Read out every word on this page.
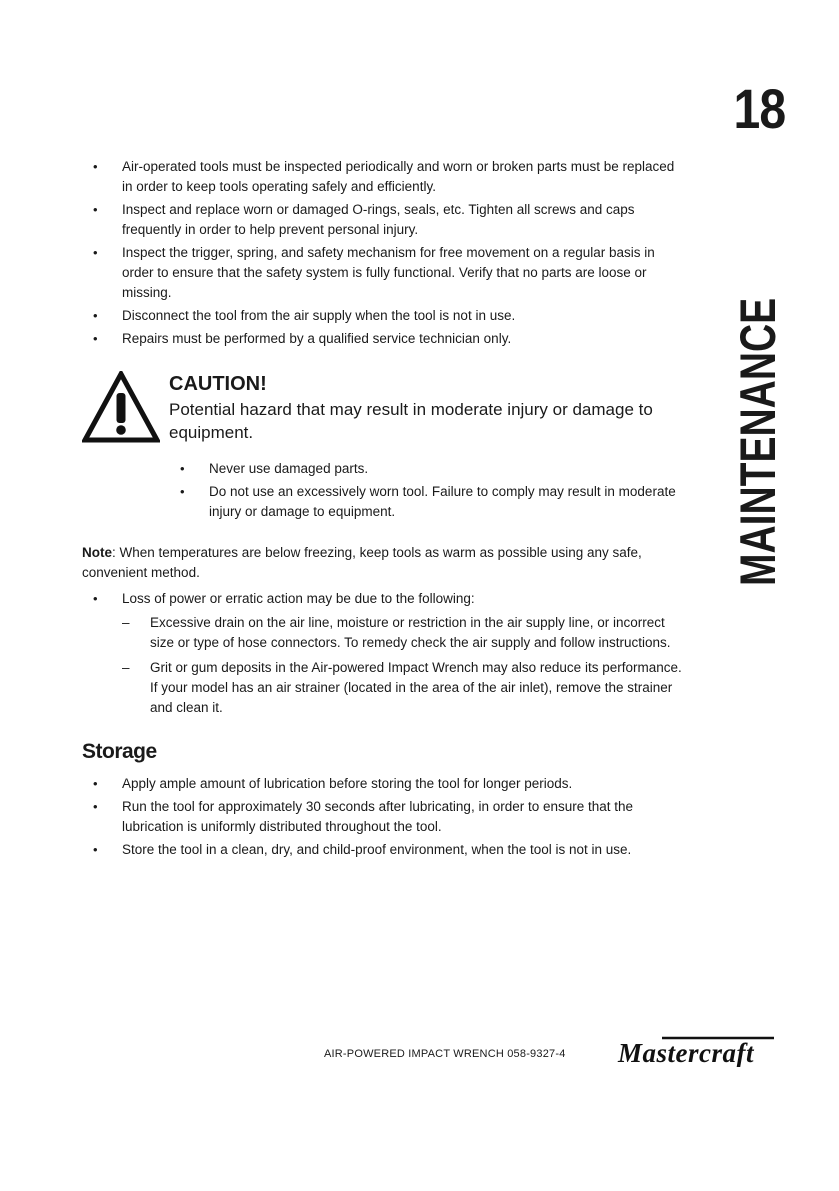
18
MAINTENANCE
• Air-operated tools must be inspected periodically and worn or broken parts must be replaced in order to keep tools operating safely and efficiently.
• Inspect and replace worn or damaged O-rings, seals, etc. Tighten all screws and caps frequently in order to help prevent personal injury.
• Inspect the trigger, spring, and safety mechanism for free movement on a regular basis in order to ensure that the safety system is fully functional. Verify that no parts are loose or missing.
• Disconnect the tool from the air supply when the tool is not in use.
• Repairs must be performed by a qualified service technician only.
CAUTION!
Potential hazard that may result in moderate injury or damage to equipment.
• Never use damaged parts.
• Do not use an excessively worn tool. Failure to comply may result in moderate injury or damage to equipment.
Note: When temperatures are below freezing, keep tools as warm as possible using any safe, convenient method.
• Loss of power or erratic action may be due to the following:
– Excessive drain on the air line, moisture or restriction in the air supply line, or incorrect size or type of hose connectors. To remedy check the air supply and follow instructions.
– Grit or gum deposits in the Air-powered Impact Wrench may also reduce its performance. If your model has an air strainer (located in the area of the air inlet), remove the strainer and clean it.
Storage
• Apply ample amount of lubrication before storing the tool for longer periods.
• Run the tool for approximately 30 seconds after lubricating, in order to ensure that the lubrication is uniformly distributed throughout the tool.
• Store the tool in a clean, dry, and child-proof environment, when the tool is not in use.
AIR-POWERED IMPACT WRENCH 058-9327-4 Mastercraft
